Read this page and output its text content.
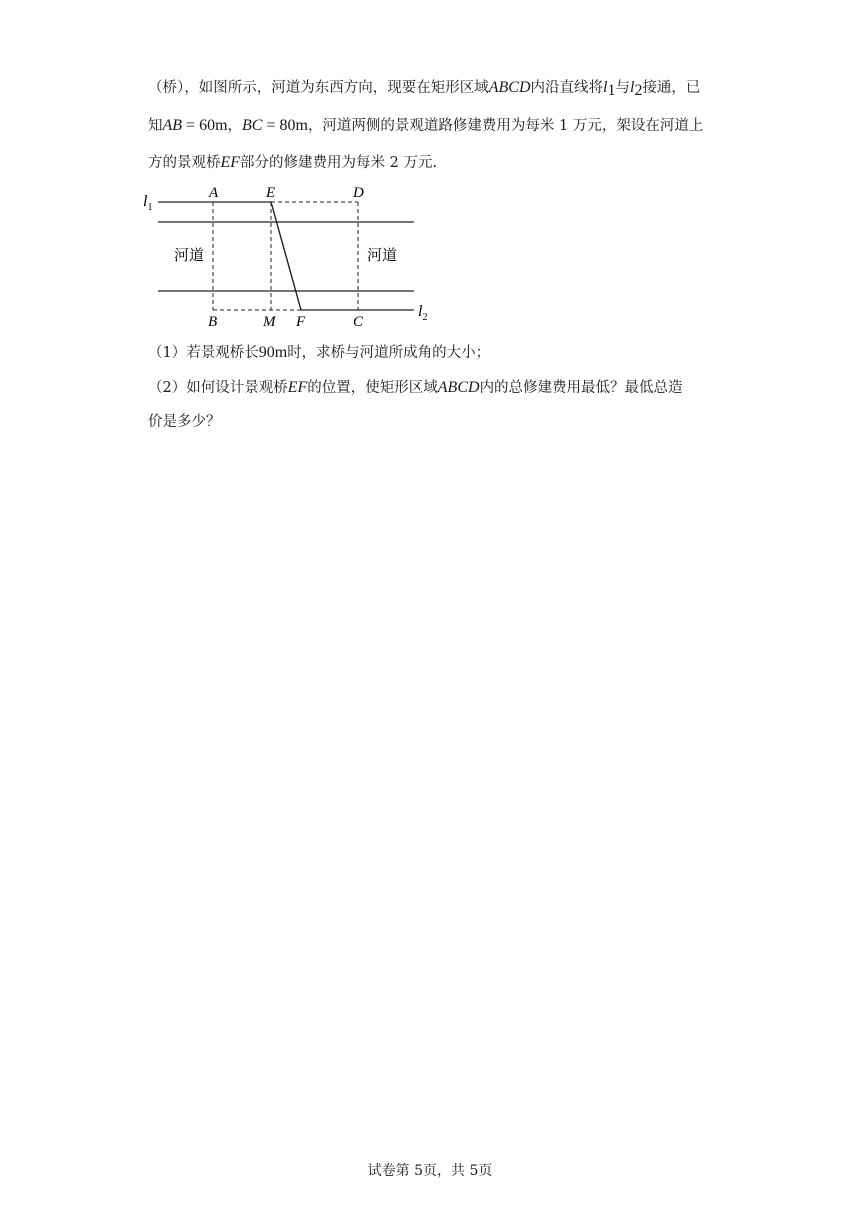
（桥），如图所示，河道为东西方向，现要在矩形区域ABCD内沿直线将$l_1$与$l_2$接通，已
知AB = 60m，BC = 80m，河道两侧的景观道路修建费用为每米 1 万元，架设在河道上
方的景观桥EF部分的修建费用为每米 2 万元.
$l_1$
$l_2$
A	E	D
B	M F	C
河道	河道
（1）若景观桥长90m时，求桥与河道所成角的大小；
（2）如何设计景观桥EF的位置，使矩形区域ABCD内的总修建费用最低？最低总造
价是多少？
试卷第 5页，共 5页
